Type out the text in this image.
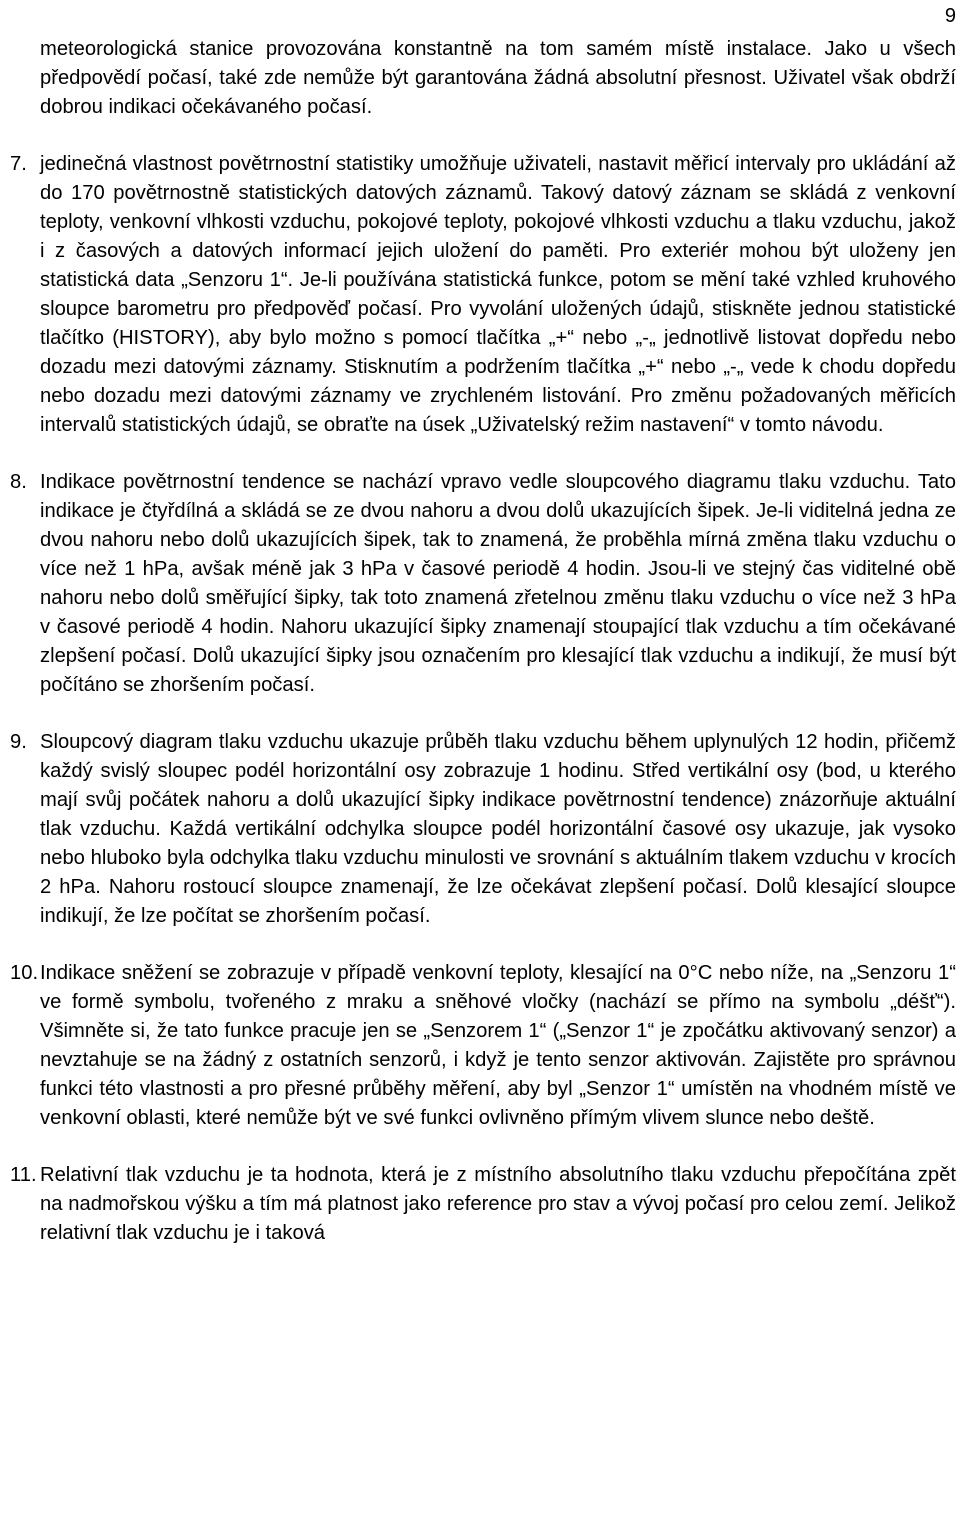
9

meteorologická stanice provozována konstantně na tom samém místě instalace. Jako u všech předpovědí počasí, také zde nemůže být garantována žádná absolutní přesnost. Uživatel však obdrží dobrou indikaci očekávaného počasí.

7. jedinečná vlastnost povětrnostní statistiky umožňuje uživateli, nastavit měřicí intervaly pro ukládání až do 170 povětrnostně statistických datových záznamů. Takový datový záznam se skládá z venkovní teploty, venkovní vlhkosti vzduchu, pokojové teploty, pokojové vlhkosti vzduchu a tlaku vzduchu, jakož i z časových a datových informací jejich uložení do paměti. Pro exteriér mohou být uloženy jen statistická data „Senzoru 1“. Je-li používána statistická funkce, potom se mění také vzhled kruhového sloupce barometru pro předpověď počasí. Pro vyvolání uložených údajů, stiskněte jednou statistické tlačítko (HISTORY), aby bylo možno s pomocí tlačítka „+“ nebo „-„ jednotlivě listovat dopředu nebo dozadu mezi datovými záznamy. Stisknutím a podržením tlačítka „+“ nebo „-„ vede k chodu dopředu nebo dozadu mezi datovými záznamy ve zrychleném listování. Pro změnu požadovaných měřicích intervalů statistických údajů, se obraťte na úsek „Uživatelský režim nastavení“ v tomto návodu.
8. Indikace povětrnostní tendence se nachází vpravo vedle sloupcového diagramu tlaku vzduchu. Tato indikace je čtyřdílná a skládá se ze dvou nahoru a dvou dolů ukazujících šipek. Je-li viditelná jedna ze dvou nahoru nebo dolů ukazujících šipek, tak to znamená, že proběhla mírná změna tlaku vzduchu o více než 1 hPa, avšak méně jak 3 hPa v časové periodě 4 hodin. Jsou-li ve stejný čas viditelné obě nahoru nebo dolů směřující šipky, tak toto znamená zřetelnou změnu tlaku vzduchu o více než 3 hPa v časové periodě 4 hodin. Nahoru ukazující šipky znamenají stoupající tlak vzduchu a tím očekávané zlepšení počasí. Dolů ukazující šipky jsou označením pro klesající tlak vzduchu a indikují, že musí být počítáno se zhoršením počasí.
9. Sloupcový diagram tlaku vzduchu ukazuje průběh tlaku vzduchu během uplynulých 12 hodin, přičemž každý svislý sloupec podél horizontální osy zobrazuje 1 hodinu. Střed vertikální osy (bod, u kterého mají svůj počátek nahoru a dolů ukazující šipky indikace povětrnostní tendence) znázorňuje aktuální tlak vzduchu. Každá vertikální odchylka sloupce podél horizontální časové osy ukazuje, jak vysoko nebo hluboko byla odchylka tlaku vzduchu minulosti ve srovnání s aktuálním tlakem vzduchu v krocích 2 hPa. Nahoru rostoucí sloupce znamenají, že lze očekávat zlepšení počasí. Dolů klesající sloupce indikují, že lze počítat se zhoršením počasí.
10. Indikace sněžení se zobrazuje v případě venkovní teploty, klesající na 0°C nebo níže, na „Senzoru 1“ ve formě symbolu, tvořeného z mraku a sněhové vločky (nachází se přímo na symbolu „déšť“). Všimněte si, že tato funkce pracuje jen se „Senzorem 1“ („Senzor 1“ je zpočátku aktivovaný senzor) a nevztahuje se na žádný z ostatních senzorů, i když je tento senzor aktivován. Zajistěte pro správnou funkci této vlastnosti a pro přesné průběhy měření, aby byl „Senzor 1“ umístěn na vhodném místě ve venkovní oblasti, které nemůže být ve své funkci ovlivněno přímým vlivem slunce nebo deště.
11. Relativní tlak vzduchu je ta hodnota, která je z místního absolutního tlaku vzduchu přepočítána zpět na nadmořskou výšku a tím má platnost jako reference pro stav a vývoj počasí pro celou zemí. Jelikož relativní tlak vzduchu je i taková
